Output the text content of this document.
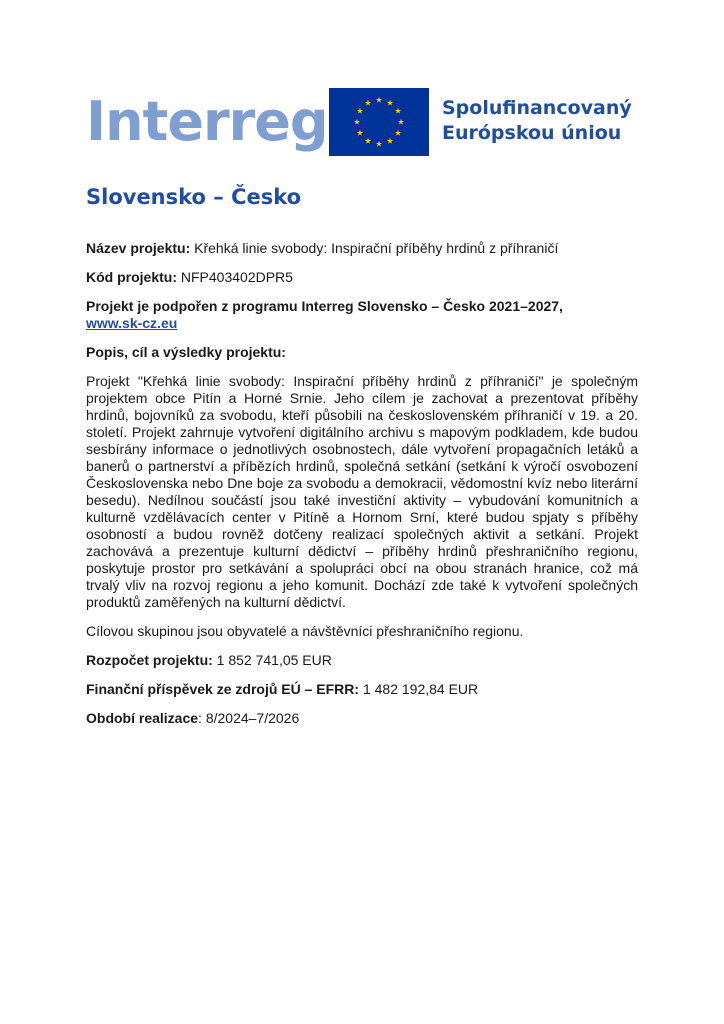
Interreg	Spolufinancovaný
Európskou úniou
Slovensko – Česko

Název projektu: Křehká linie svobody: Inspirační příběhy hrdinů z příhraničí

Kód projektu: NFP403402DPR5

Projekt je podpořen z programu Interreg Slovensko – Česko 2021–2027,
www.sk-cz.eu

Popis, cíl a výsledky projektu:

Projekt "Křehká linie svobody: Inspirační příběhy hrdinů z příhraničí" je společným projektem obce Pitín a Horné Srnie. Jeho cílem je zachovat a prezentovat příběhy hrdinů, bojovníků za svobodu, kteří působili na československém příhraničí v 19. a 20. století. Projekt zahrnuje vytvoření digitálního archivu s mapovým podkladem, kde budou sesbírány informace o jednotlivých osobnostech, dále vytvoření propagačních letáků a banerů o partnerství a příbězích hrdinů, společná setkání (setkání k výročí osvobození Československa nebo Dne boje za svobodu a demokracii, vědomostní kvíz nebo literární besedu). Nedílnou součástí jsou také investiční aktivity – vybudování komunitních a kulturně vzdělávacích center v Pitíně a Hornom Srní, které budou spjaty s příběhy osobností a budou rovněž dotčeny realizací společných aktivit a setkání. Projekt zachovává a prezentuje kulturní dědictví – příběhy hrdinů přeshraničního regionu, poskytuje prostor pro setkávání a spolupráci obcí na obou stranách hranice, což má trvalý vliv na rozvoj regionu a jeho komunit. Dochází zde také k vytvoření společných produktů zaměřených na kulturní dědictví.

Cílovou skupinou jsou obyvatelé a návštěvníci přeshraničního regionu.

Rozpočet projektu: 1 852 741,05 EUR

Finanční příspěvek ze zdrojů EÚ – EFRR: 1 482 192,84 EUR

Období realizace: 8/2024–7/2026
